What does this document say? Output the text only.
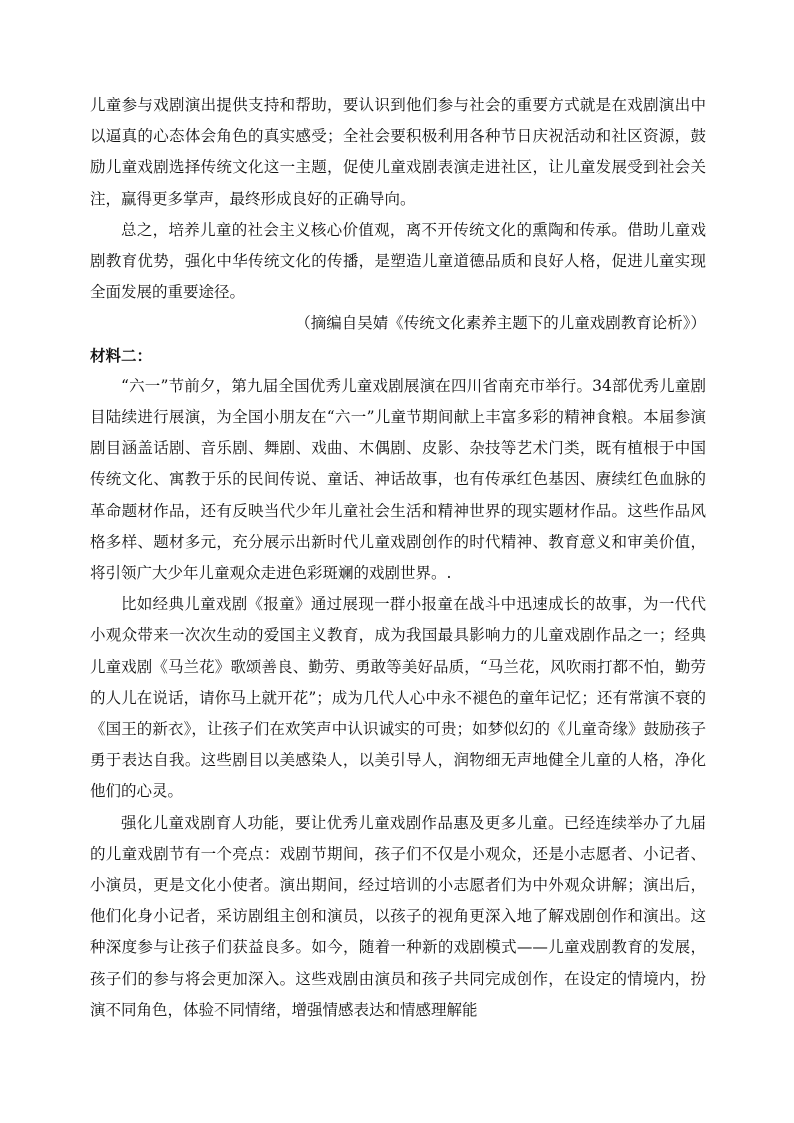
儿童参与戏剧演出提供支持和帮助，要认识到他们参与社会的重要方式就是在戏剧演出中以逼真的心态体会角色的真实感受；全社会要积极利用各种节日庆祝活动和社区资源，鼓励儿童戏剧选择传统文化这一主题，促使儿童戏剧表演走进社区，让儿童发展受到社会关注，赢得更多掌声，最终形成良好的正确导向。

总之，培养儿童的社会主义核心价值观，离不开传统文化的熏陶和传承。借助儿童戏剧教育优势，强化中华传统文化的传播，是塑造儿童道德品质和良好人格，促进儿童实现全面发展的重要途径。

（摘编自吴婧《传统文化素养主题下的儿童戏剧教育论析》）

材料二：

“六一”节前夕，第九届全国优秀儿童戏剧展演在四川省南充市举行。34部优秀儿童剧目陆续进行展演，为全国小朋友在“六一”儿童节期间献上丰富多彩的精神食粮。本届参演剧目涵盖话剧、音乐剧、舞剧、戏曲、木偶剧、皮影、杂技等艺术门类，既有植根于中国传统文化、寓教于乐的民间传说、童话、神话故事，也有传承红色基因、赓续红色血脉的革命题材作品，还有反映当代少年儿童社会生活和精神世界的现实题材作品。这些作品风格多样、题材多元，充分展示出新时代儿童戏剧创作的时代精神、教育意义和审美价值，将引领广大少年儿童观众走进色彩斑斓的戏剧世界。.

比如经典儿童戏剧《报童》通过展现一群小报童在战斗中迅速成长的故事，为一代代小观众带来一次次生动的爱国主义教育，成为我国最具影响力的儿童戏剧作品之一；经典儿童戏剧《马兰花》歌颂善良、勤劳、勇敢等美好品质，“马兰花，风吹雨打都不怕，勤劳的人儿在说话，请你马上就开花”；成为几代人心中永不褪色的童年记忆；还有常演不衰的《国王的新衣》，让孩子们在欢笑声中认识诚实的可贵；如梦似幻的《儿童奇缘》鼓励孩子勇于表达自我。这些剧目以美感染人，以美引导人，润物细无声地健全儿童的人格，净化他们的心灵。

强化儿童戏剧育人功能，要让优秀儿童戏剧作品惠及更多儿童。已经连续举办了九届的儿童戏剧节有一个亮点：戏剧节期间，孩子们不仅是小观众，还是小志愿者、小记者、小演员，更是文化小使者。演出期间，经过培训的小志愿者们为中外观众讲解；演出后，他们化身小记者，采访剧组主创和演员，以孩子的视角更深入地了解戏剧创作和演出。这种深度参与让孩子们获益良多。如今，随着一种新的戏剧模式——儿童戏剧教育的发展，孩子们的参与将会更加深入。这些戏剧由演员和孩子共同完成创作，在设定的情境内，扮演不同角色，体验不同情绪，增强情感表达和情感理解能
